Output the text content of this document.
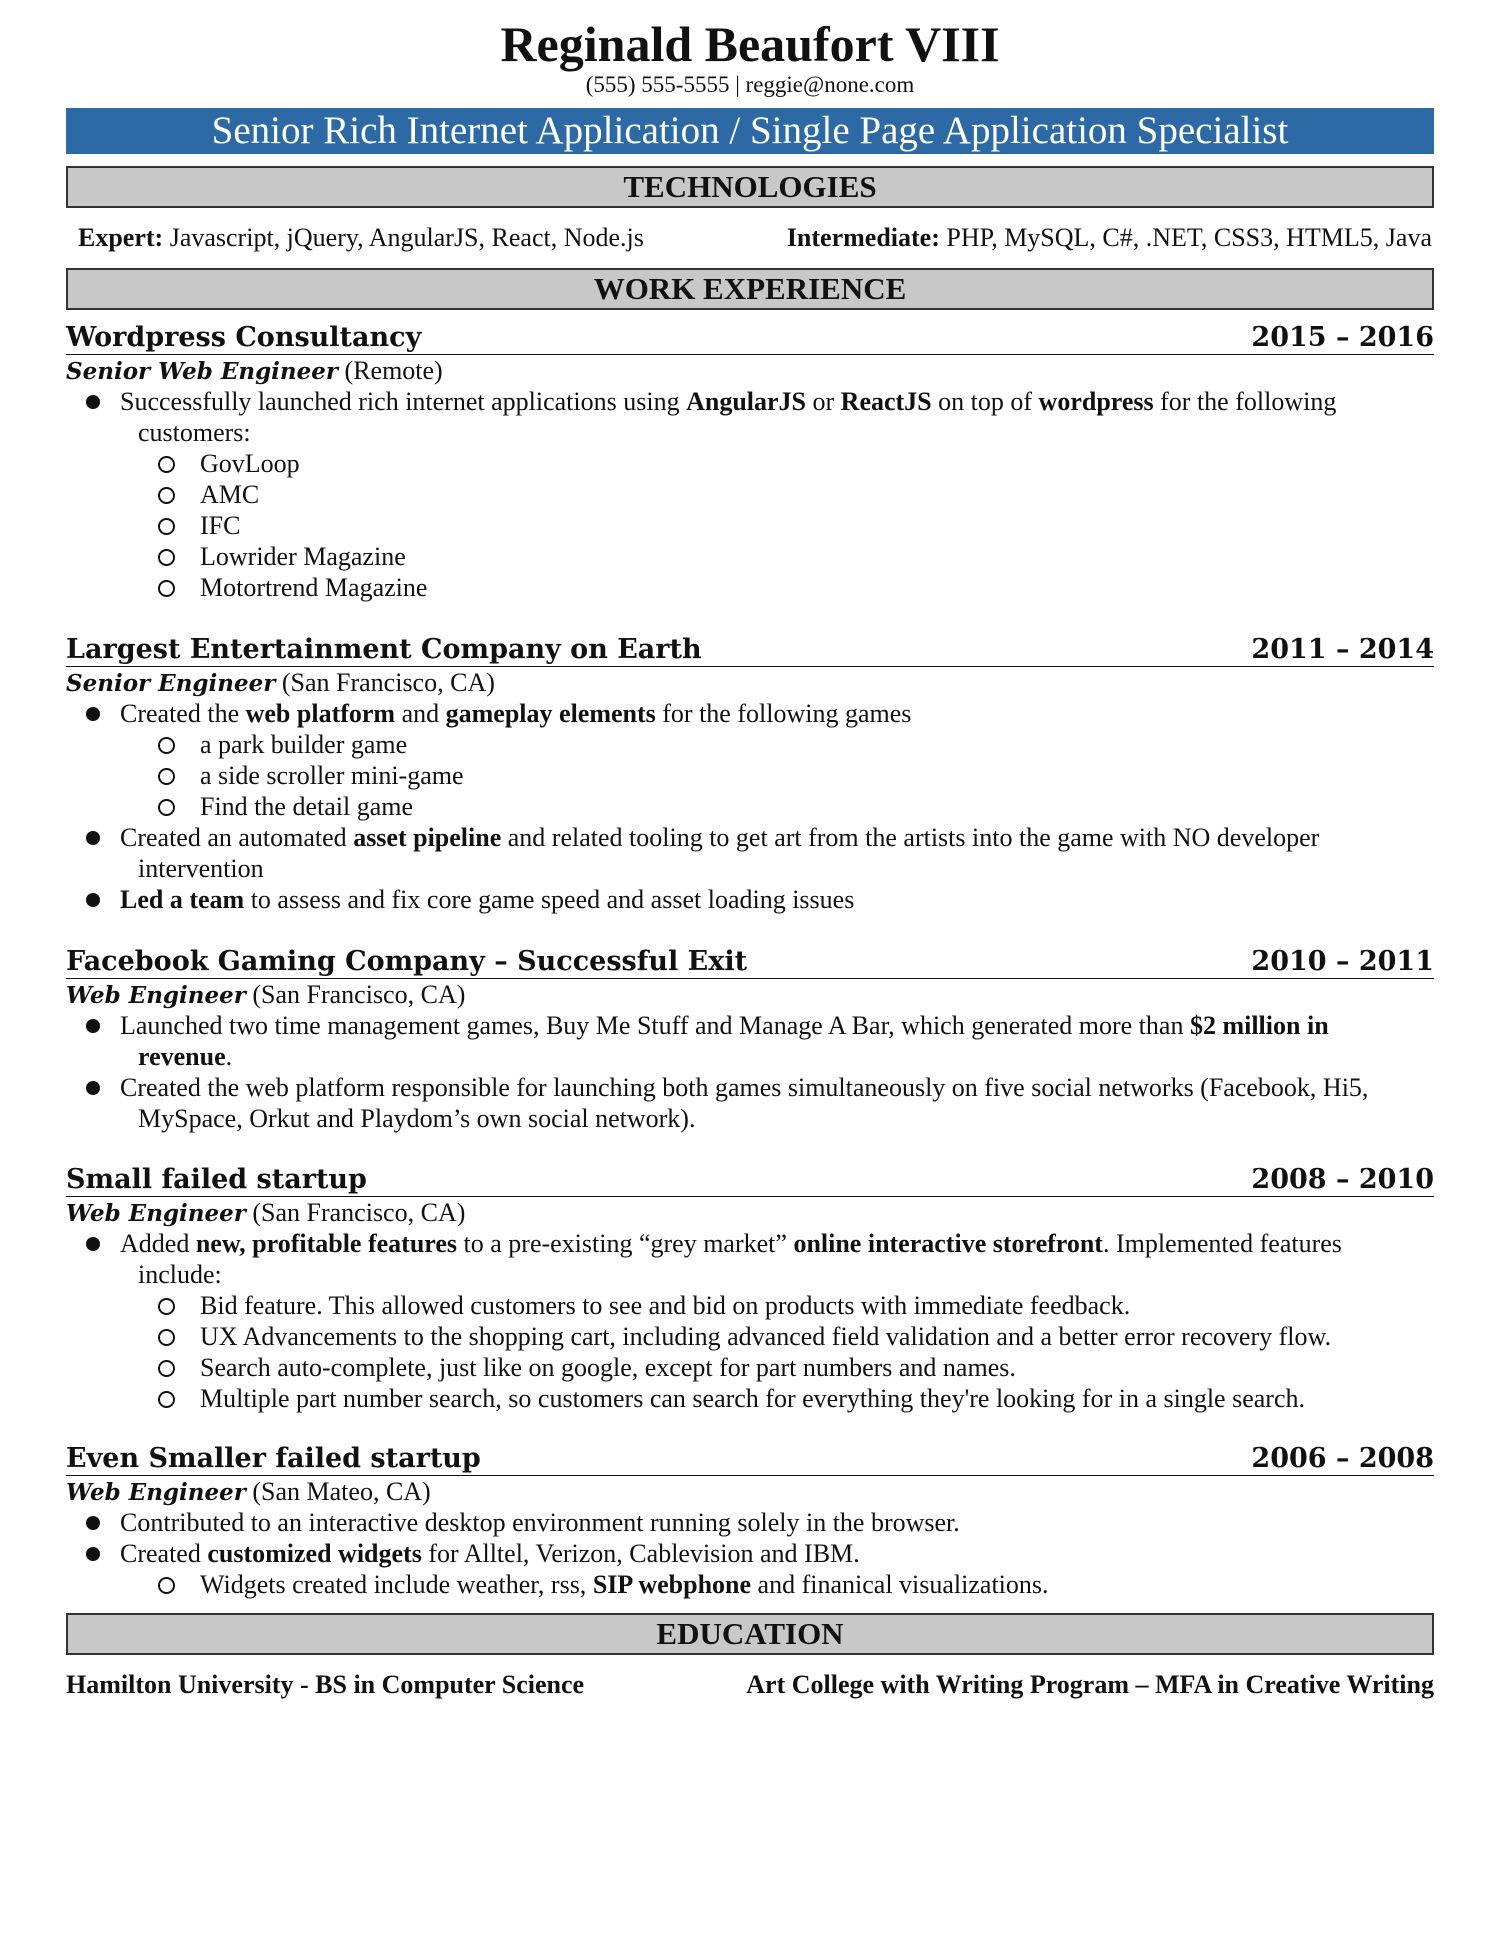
Reginald Beaufort VIII
(555) 555-5555 | reggie@none.com
Senior Rich Internet Application / Single Page Application Specialist
TECHNOLOGIES
Expert: Javascript, jQuery, AngularJS, React, Node.js	Intermediate: PHP, MySQL, C#, .NET, CSS3, HTML5, Java
WORK EXPERIENCE
Wordpress Consultancy	2015 – 2016
Senior Web Engineer (Remote)
Successfully launched rich internet applications using AngularJS or ReactJS on top of wordpress for the following
customers:
GovLoop
AMC
IFC
Lowrider Magazine
Motortrend Magazine
Largest Entertainment Company on Earth	2011 – 2014
Senior Engineer (San Francisco, CA)
Created the web platform and gameplay elements for the following games
a park builder game
a side scroller mini-game
Find the detail game
Created an automated asset pipeline and related tooling to get art from the artists into the game with NO developer
intervention
Led a team to assess and fix core game speed and asset loading issues
Facebook Gaming Company – Successful Exit	2010 – 2011
Web Engineer (San Francisco, CA)
Launched two time management games, Buy Me Stuff and Manage A Bar, which generated more than $2 million in
revenue.
Created the web platform responsible for launching both games simultaneously on five social networks (Facebook, Hi5,
MySpace, Orkut and Playdom’s own social network).
Small failed startup	2008 – 2010
Web Engineer (San Francisco, CA)
Added new, profitable features to a pre-existing “grey market” online interactive storefront. Implemented features
include:
Bid feature. This allowed customers to see and bid on products with immediate feedback.
UX Advancements to the shopping cart, including advanced field validation and a better error recovery flow.
Search auto-complete, just like on google, except for part numbers and names.
Multiple part number search, so customers can search for everything they're looking for in a single search.
Even Smaller failed startup	2006 – 2008
Web Engineer (San Mateo, CA)
Contributed to an interactive desktop environment running solely in the browser.
Created customized widgets for Alltel, Verizon, Cablevision and IBM.
Widgets created include weather, rss, SIP webphone and finanical visualizations.
EDUCATION
Hamilton University - BS in Computer Science	Art College with Writing Program – MFA in Creative Writing
